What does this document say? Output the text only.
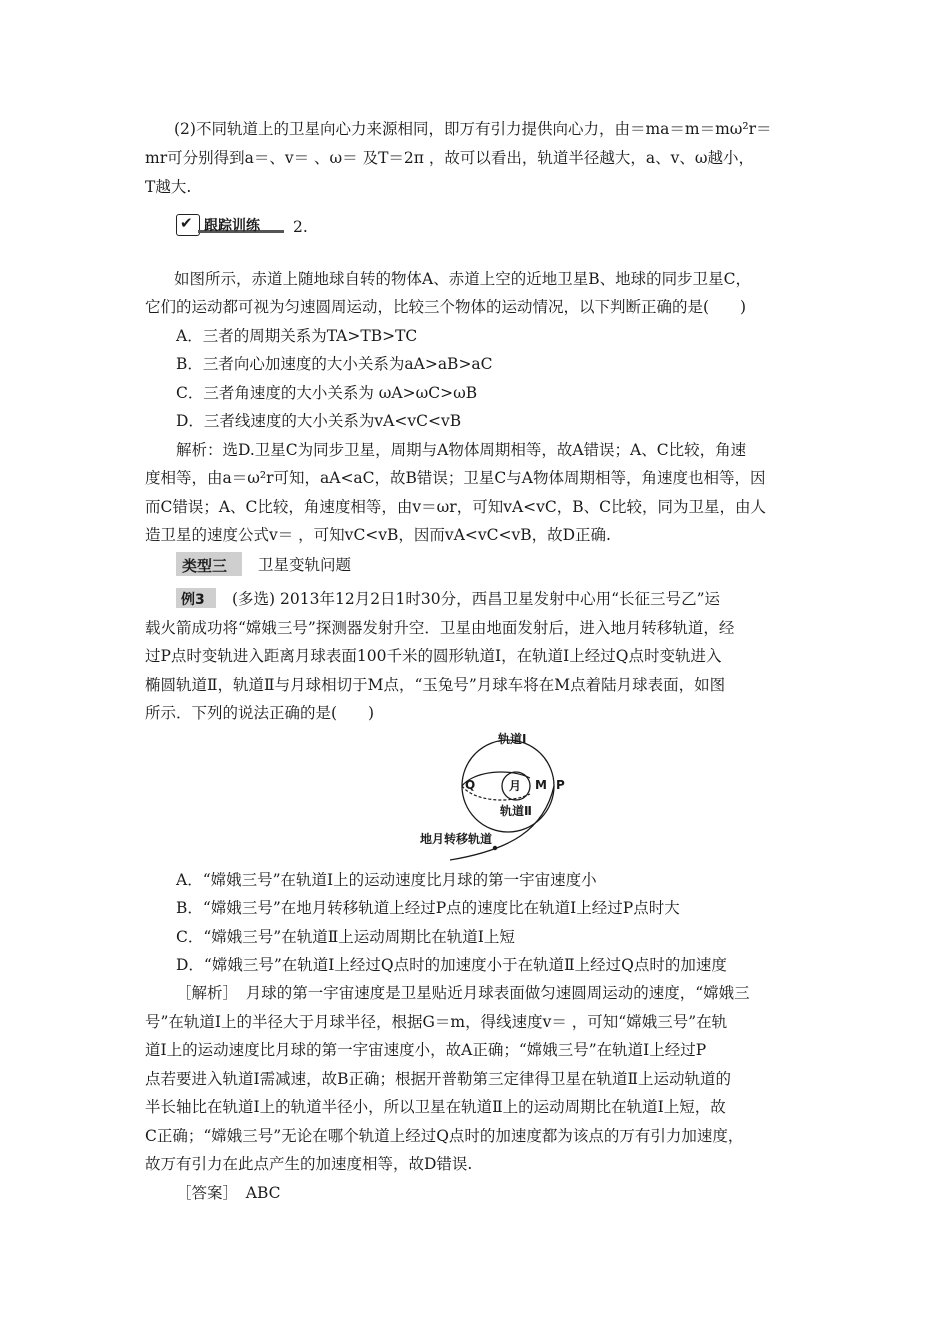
(2)不同轨道上的卫星向心力来源相同，即万有引力提供向心力，由＝ma＝m＝mω²r＝
mr可分别得到a＝、v＝ 、ω＝ 及T＝2π ，故可以看出，轨道半径越大，a、v、ω越小，
T越大.
✔
跟踪训练 2.
如图所示，赤道上随地球自转的物体A、赤道上空的近地卫星B、地球的同步卫星C，
它们的运动都可视为匀速圆周运动，比较三个物体的运动情况，以下判断正确的是(　　)
A．三者的周期关系为TA>TB>TC
B．三者向心加速度的大小关系为aA>aB>aC
C．三者角速度的大小关系为 ωA>ωC>ωB
D．三者线速度的大小关系为vA<vC<vB
解析：选D.卫星C为同步卫星，周期与A物体周期相等，故A错误；A、C比较，角速
度相等，由a＝ω²r可知，aA<aC，故B错误；卫星C与A物体周期相等，角速度也相等，因
而C错误；A、C比较，角速度相等，由v＝ωr，可知vA<vC，B、C比较，同为卫星，由人
造卫星的速度公式v＝ ，可知vC<vB，因而vA<vC<vB，故D正确.
类型三 卫星变轨问题
例3 (多选) 2013年12月2日1时30分，西昌卫星发射中心用“长征三号乙”运
载火箭成功将“嫦娥三号”探测器发射升空．卫星由地面发射后，进入地月转移轨道，经
过P点时变轨进入距离月球表面100千米的圆形轨道Ⅰ，在轨道Ⅰ上经过Q点时变轨进入
椭圆轨道Ⅱ，轨道Ⅱ与月球相切于M点，“玉兔号”月球车将在M点着陆月球表面，如图
所示．下列的说法正确的是(　　)
轨道Ⅰ
月
Q	M P
轨道Ⅱ
地月转移轨道
A．“嫦娥三号”在轨道Ⅰ上的运动速度比月球的第一宇宙速度小
B．“嫦娥三号”在地月转移轨道上经过P点的速度比在轨道Ⅰ上经过P点时大
C．“嫦娥三号”在轨道Ⅱ上运动周期比在轨道Ⅰ上短
D．“嫦娥三号”在轨道Ⅰ上经过Q点时的加速度小于在轨道Ⅱ上经过Q点时的加速度
［解析］　月球的第一宇宙速度是卫星贴近月球表面做匀速圆周运动的速度，“嫦娥三
号”在轨道Ⅰ上的半径大于月球半径，根据G＝m，得线速度v＝ ，可知“嫦娥三号”在轨
道Ⅰ上的运动速度比月球的第一宇宙速度小，故A正确；“嫦娥三号”在轨道Ⅰ上经过P
点若要进入轨道Ⅰ需减速，故B正确；根据开普勒第三定律得卫星在轨道Ⅱ上运动轨道的
半长轴比在轨道Ⅰ上的轨道半径小，所以卫星在轨道Ⅱ上的运动周期比在轨道Ⅰ上短，故
C正确；“嫦娥三号”无论在哪个轨道上经过Q点时的加速度都为该点的万有引力加速度，
故万有引力在此点产生的加速度相等，故D错误.
［答案］　ABC
